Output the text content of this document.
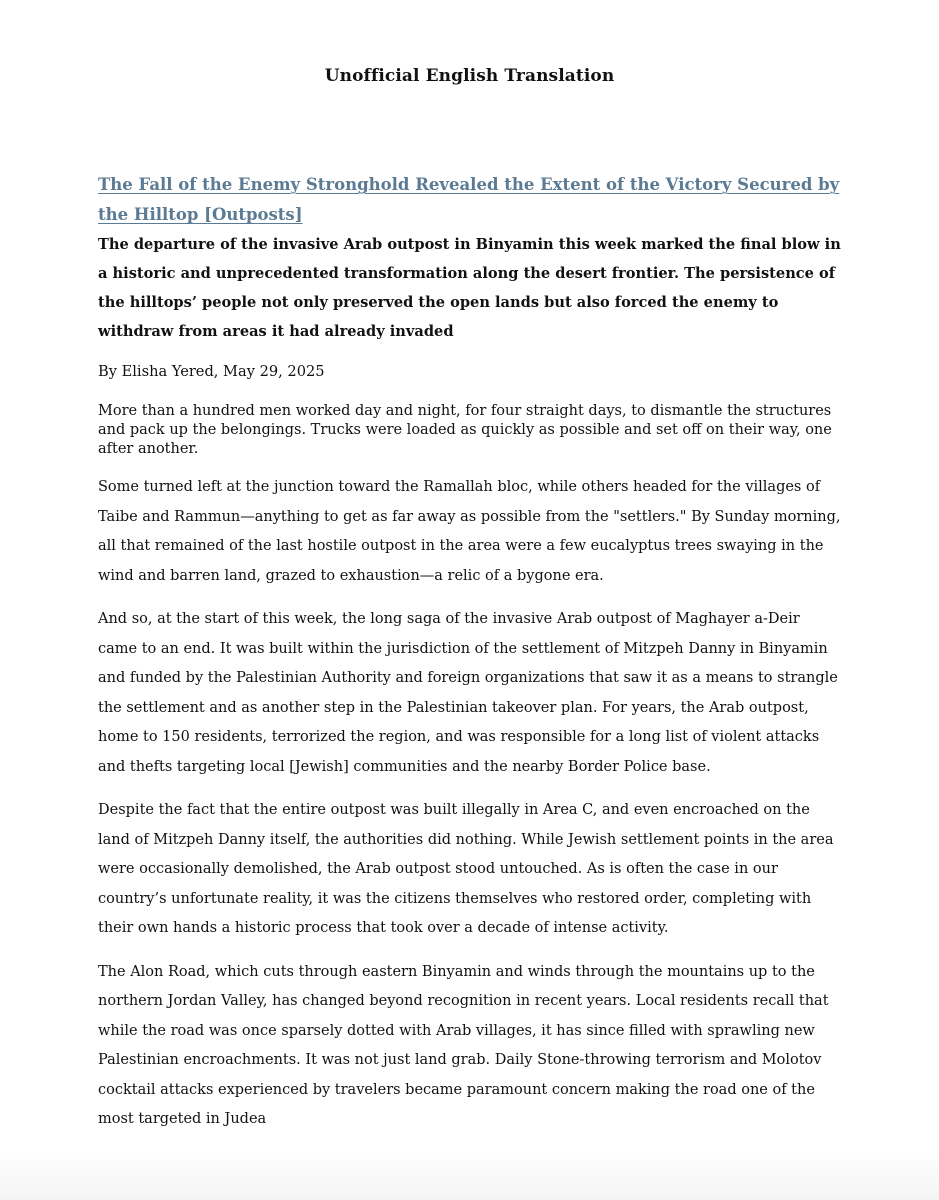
Unofficial English Translation
The Fall of the Enemy Stronghold Revealed the Extent of the Victory Secured by the Hilltop [Outposts]

The departure of the invasive Arab outpost in Binyamin this week marked the final blow in a historic and unprecedented transformation along the desert frontier. The persistence of the hilltops’ people not only preserved the open lands but also forced the enemy to withdraw from areas it had already invaded

By Elisha Yered, May 29, 2025

More than a hundred men worked day and night, for four straight days, to dismantle the structures and pack up the belongings. Trucks were loaded as quickly as possible and set off on their way, one after another.

Some turned left at the junction toward the Ramallah bloc, while others headed for the villages of Taibe and Rammun—anything to get as far away as possible from the "settlers." By Sunday morning, all that remained of the last hostile outpost in the area were a few eucalyptus trees swaying in the wind and barren land, grazed to exhaustion—a relic of a bygone era.

And so, at the start of this week, the long saga of the invasive Arab outpost of Maghayer a-Deir came to an end. It was built within the jurisdiction of the settlement of Mitzpeh Danny in Binyamin and funded by the Palestinian Authority and foreign organizations that saw it as a means to strangle the settlement and as another step in the Palestinian takeover plan. For years, the Arab outpost, home to 150 residents, terrorized the region, and was responsible for a long list of violent attacks and thefts targeting local [Jewish] communities and the nearby Border Police base.

Despite the fact that the entire outpost was built illegally in Area C, and even encroached on the land of Mitzpeh Danny itself, the authorities did nothing. While Jewish settlement points in the area were occasionally demolished, the Arab outpost stood untouched. As is often the case in our country’s unfortunate reality, it was the citizens themselves who restored order, completing with their own hands a historic process that took over a decade of intense activity.

The Alon Road, which cuts through eastern Binyamin and winds through the mountains up to the northern Jordan Valley, has changed beyond recognition in recent years. Local residents recall that while the road was once sparsely dotted with Arab villages, it has since filled with sprawling new Palestinian encroachments. It was not just land grab. Daily Stone-throwing terrorism and Molotov cocktail attacks experienced by travelers became paramount concern making the road one of the most targeted in Judea
